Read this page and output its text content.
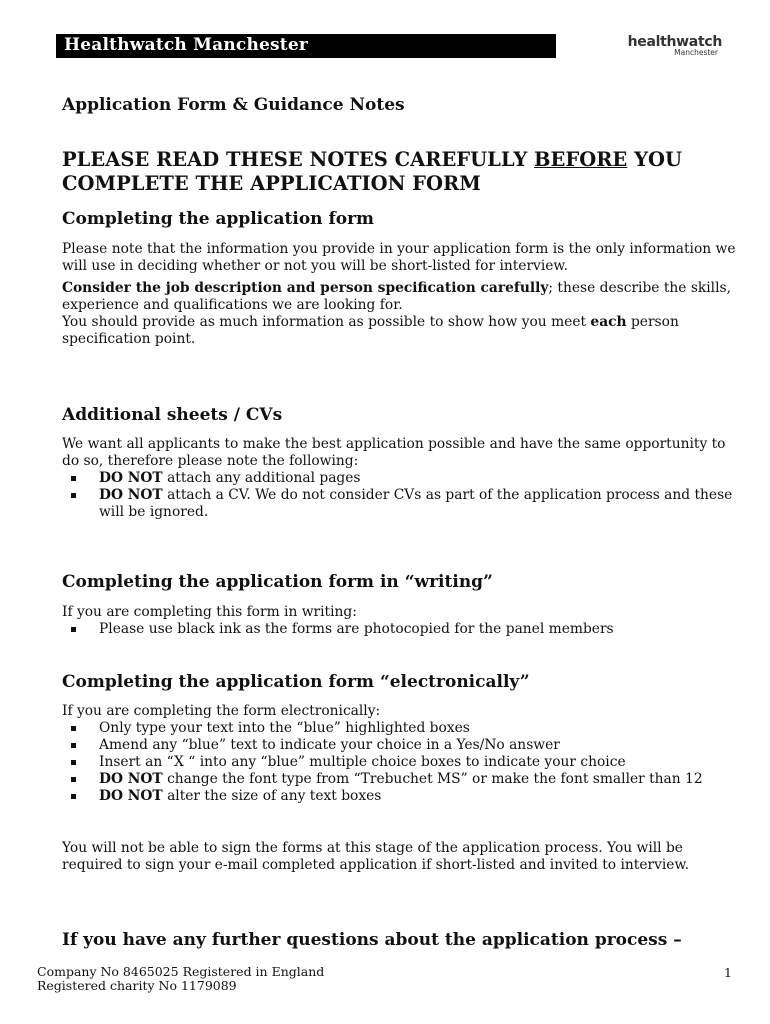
Healthwatch Manchester	healthwatch
Manchester
Application Form & Guidance Notes
PLEASE READ THESE NOTES CAREFULLY BEFORE YOU COMPLETE THE APPLICATION FORM
Completing the application form

Please note that the information you provide in your application form is the only information we will use in deciding whether or not you will be short-listed for interview.

Consider the job description and person specification carefully; these describe the skills, experience and qualifications we are looking for.

You should provide as much information as possible to show how you meet each person specification point.

Additional sheets / CVs

We want all applicants to make the best application possible and have the same opportunity to do so, therefore please note the following:

DO NOT attach any additional pages
DO NOT attach a CV. We do not consider CVs as part of the application process and these will be ignored.
Completing the application form in “writing”

If you are completing this form in writing:

Please use black ink as the forms are photocopied for the panel members
Completing the application form “electronically”

If you are completing the form electronically:

Only type your text into the “blue” highlighted boxes
Amend any “blue” text to indicate your choice in a Yes/No answer
Insert an “X “ into any “blue” multiple choice boxes to indicate your choice
DO NOT change the font type from “Trebuchet MS” or make the font smaller than 12
DO NOT alter the size of any text boxes
You will not be able to sign the forms at this stage of the application process. You will be required to sign your e-mail completed application if short-listed and invited to interview.
If you have any further questions about the application process –
Company No 8465025 Registered in England
Registered charity No 1179089
1
